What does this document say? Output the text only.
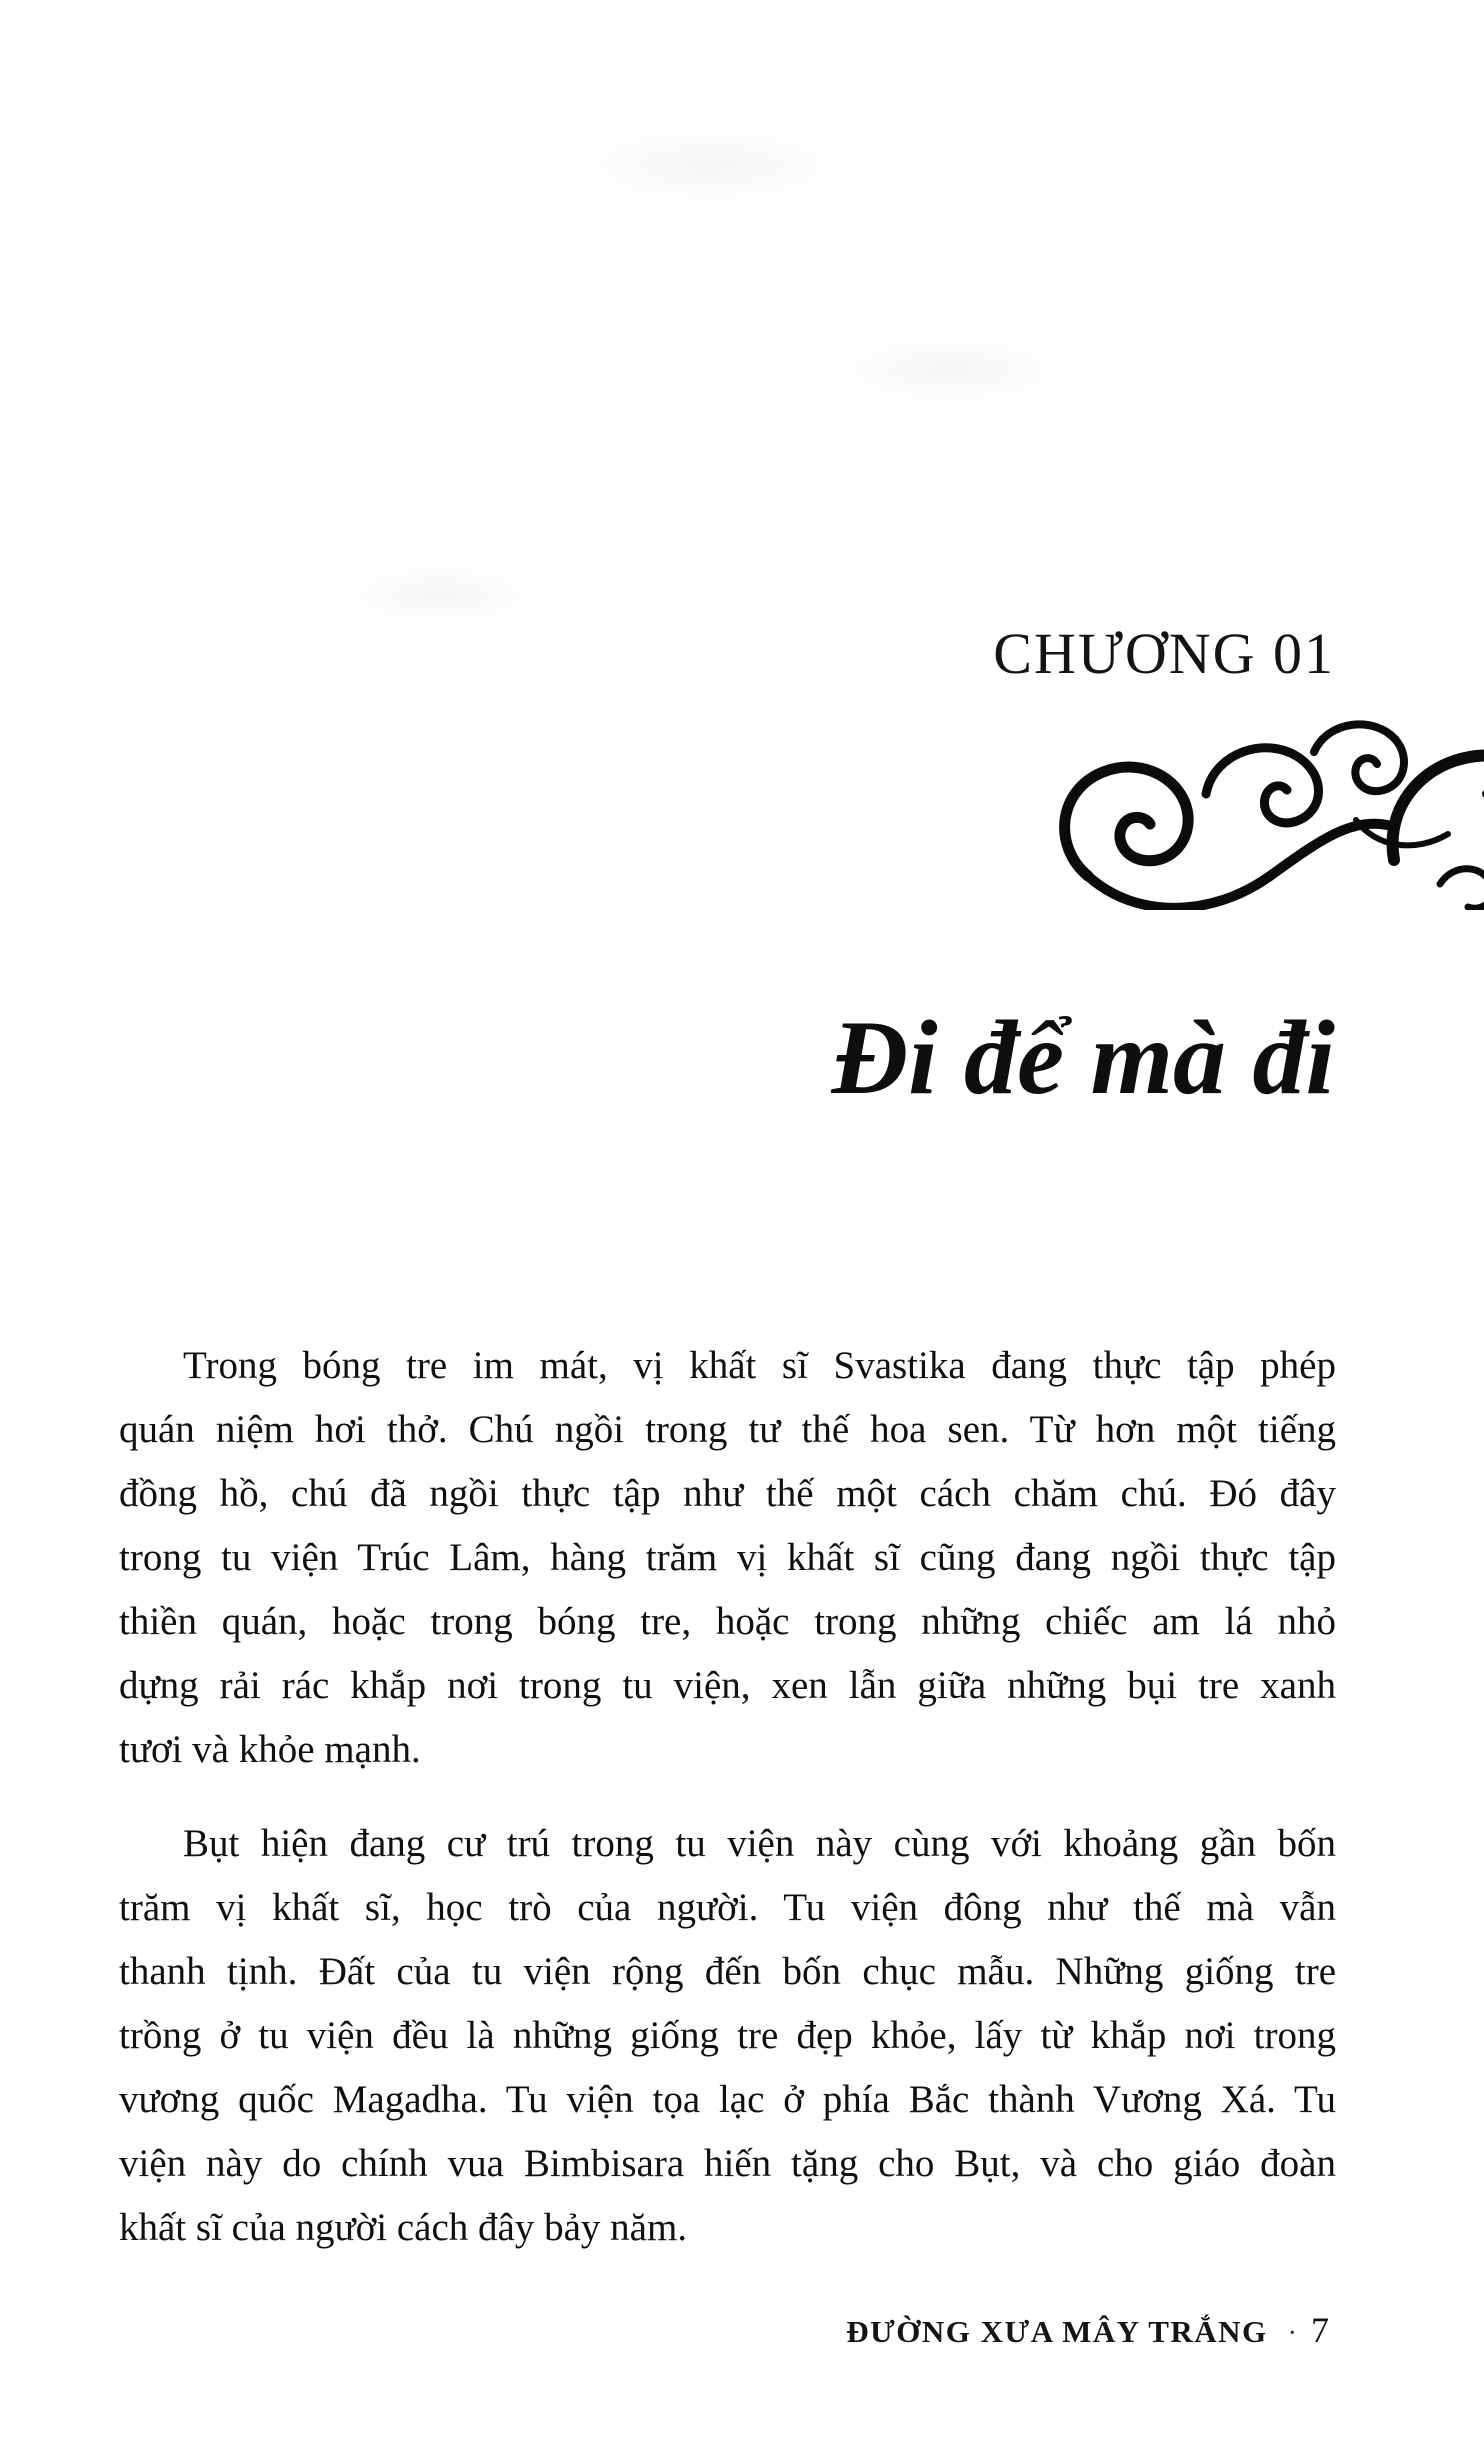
CHƯƠNG 01
Đi để mà đi
Trong bóng tre im mát, vị khất sĩ Svastika đang thực tập phép
quán niệm hơi thở. Chú ngồi trong tư thế hoa sen. Từ hơn một tiếng
đồng hồ, chú đã ngồi thực tập như thế một cách chăm chú. Đó đây
trong tu viện Trúc Lâm, hàng trăm vị khất sĩ cũng đang ngồi thực tập
thiền quán, hoặc trong bóng tre, hoặc trong những chiếc am lá nhỏ
dựng rải rác khắp nơi trong tu viện, xen lẫn giữa những bụi tre xanh
tươi và khỏe mạnh.
Bụt hiện đang cư trú trong tu viện này cùng với khoảng gần bốn
trăm vị khất sĩ, học trò của người. Tu viện đông như thế mà vẫn
thanh tịnh. Đất của tu viện rộng đến bốn chục mẫu. Những giống tre
trồng ở tu viện đều là những giống tre đẹp khỏe, lấy từ khắp nơi trong
vương quốc Magadha. Tu viện tọa lạc ở phía Bắc thành Vương Xá. Tu
viện này do chính vua Bimbisara hiến tặng cho Bụt, và cho giáo đoàn
khất sĩ của người cách đây bảy năm.
ĐƯỜNG XƯA MÂY TRẮNG · 7
